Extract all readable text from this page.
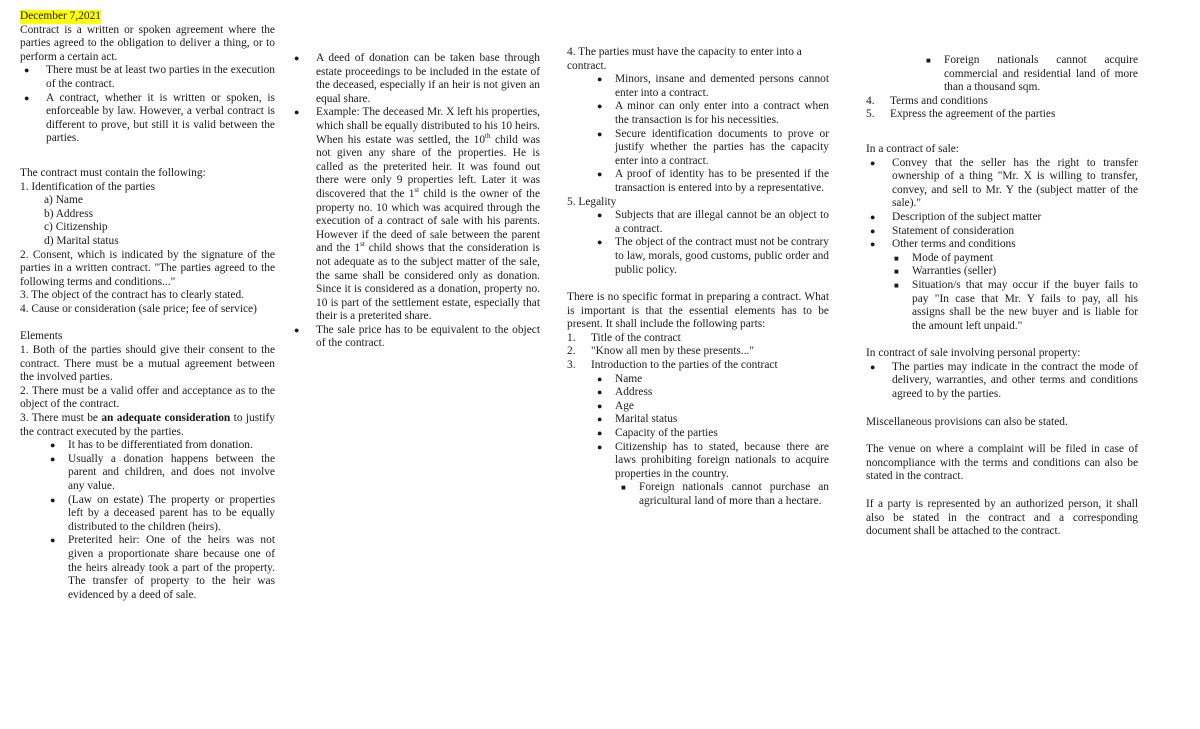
December 7,2021

Contract is a written or spoken agreement where the parties agreed to the obligation to deliver a thing, or to perform a certain act.

● There must be at least two parties in the execution of the contract.
● A contract, whether it is written or spoken, is enforceable by law. However, a verbal contract is different to prove, but still it is valid between the parties.

The contract must contain the following:

1. Identification of the parties

a) Name

b) Address

c) Citizenship

d) Marital status

2. Consent, which is indicated by the signature of the parties in a written contract. "The parties agreed to the following terms and conditions..."

3. The object of the contract has to clearly stated.

4. Cause or consideration (sale price; fee of service)

Elements

1. Both of the parties should give their consent to the contract. There must be a mutual agreement between the involved parties.

2. There must be a valid offer and acceptance as to the object of the contract.

3. There must be an adequate consideration to justify the contract executed by the parties.

● It has to be differentiated from donation.
● Usually a donation happens between the parent and children, and does not involve any value.
● (Law on estate) The property or properties left by a deceased parent has to be equally distributed to the children (heirs).
● Preterited heir: One of the heirs was not given a proportionate share because one of the heirs already took a part of the property. The transfer of property to the heir was evidenced by a deed of sale.
● A deed of donation can be taken base through estate proceedings to be included in the estate of the deceased, especially if an heir is not given an equal share.
● Example: The deceased Mr. X left his properties, which shall be equally distributed to his 10 heirs. When his estate was settled, the 10th child was not given any share of the properties. He is called as the preterited heir. It was found out there were only 9 properties left. Later it was discovered that the 1st child is the owner of the property no. 10 which was acquired through the execution of a contract of sale with his parents. However if the deed of sale between the parent and the 1st child shows that the consideration is not adequate as to the subject matter of the sale, the same shall be considered only as donation. Since it is considered as a donation, property no. 10 is part of the settlement estate, especially that their is a preterited share.
● The sale price has to be equivalent to the object of the contract.

4. The parties must have the capacity to enter into a contract.

● Minors, insane and demented persons cannot enter into a contract.
● A minor can only enter into a contract when the transaction is for his necessities.
● Secure identification documents to prove or justify whether the parties has the capacity enter into a contract.
● A proof of identity has to be presented if the transaction is entered into by a representative.

5. Legality

● Subjects that are illegal cannot be an object to a contract.
● The object of the contract must not be contrary to law, morals, good customs, public order and public policy.

There is no specific format in preparing a contract. What is important is that the essential elements has to be present. It shall include the following parts:

1.	Title of the contract
2.	"Know all men by these presents..."
3.	Introduction to the parties of the contract
● Name
● Address
● Age
● Marital status
● Capacity of the parties
● Citizenship has to stated, because there are laws prohibiting foreign nationals to acquire properties in the country.
■ Foreign nationals cannot purchase an agricultural land of more than a hectare.
■ Foreign nationals cannot acquire commercial and residential land of more than a thousand sqm.
4.	Terms and conditions
5.	Express the agreement of the parties

In a contract of sale:

● Convey that the seller has the right to transfer ownership of a thing "Mr. X is willing to transfer, convey, and sell to Mr. Y the (subject matter of the sale)."
● Description of the subject matter
● Statement of consideration
● Other terms and conditions
■ Mode of payment
■ Warranties (seller)
■ Situation/s that may occur if the buyer fails to pay "In case that Mr. Y fails to pay, all his assigns shall be the new buyer and is liable for the amount left unpaid."

In contract of sale involving personal property:

● The parties may indicate in the contract the mode of delivery, warranties, and other terms and conditions agreed to by the parties.

Miscellaneous provisions can also be stated.

The venue on where a complaint will be filed in case of noncompliance with the terms and conditions can also be stated in the contract.

If a party is represented by an authorized person, it shall also be stated in the contract and a corresponding document shall be attached to the contract.
